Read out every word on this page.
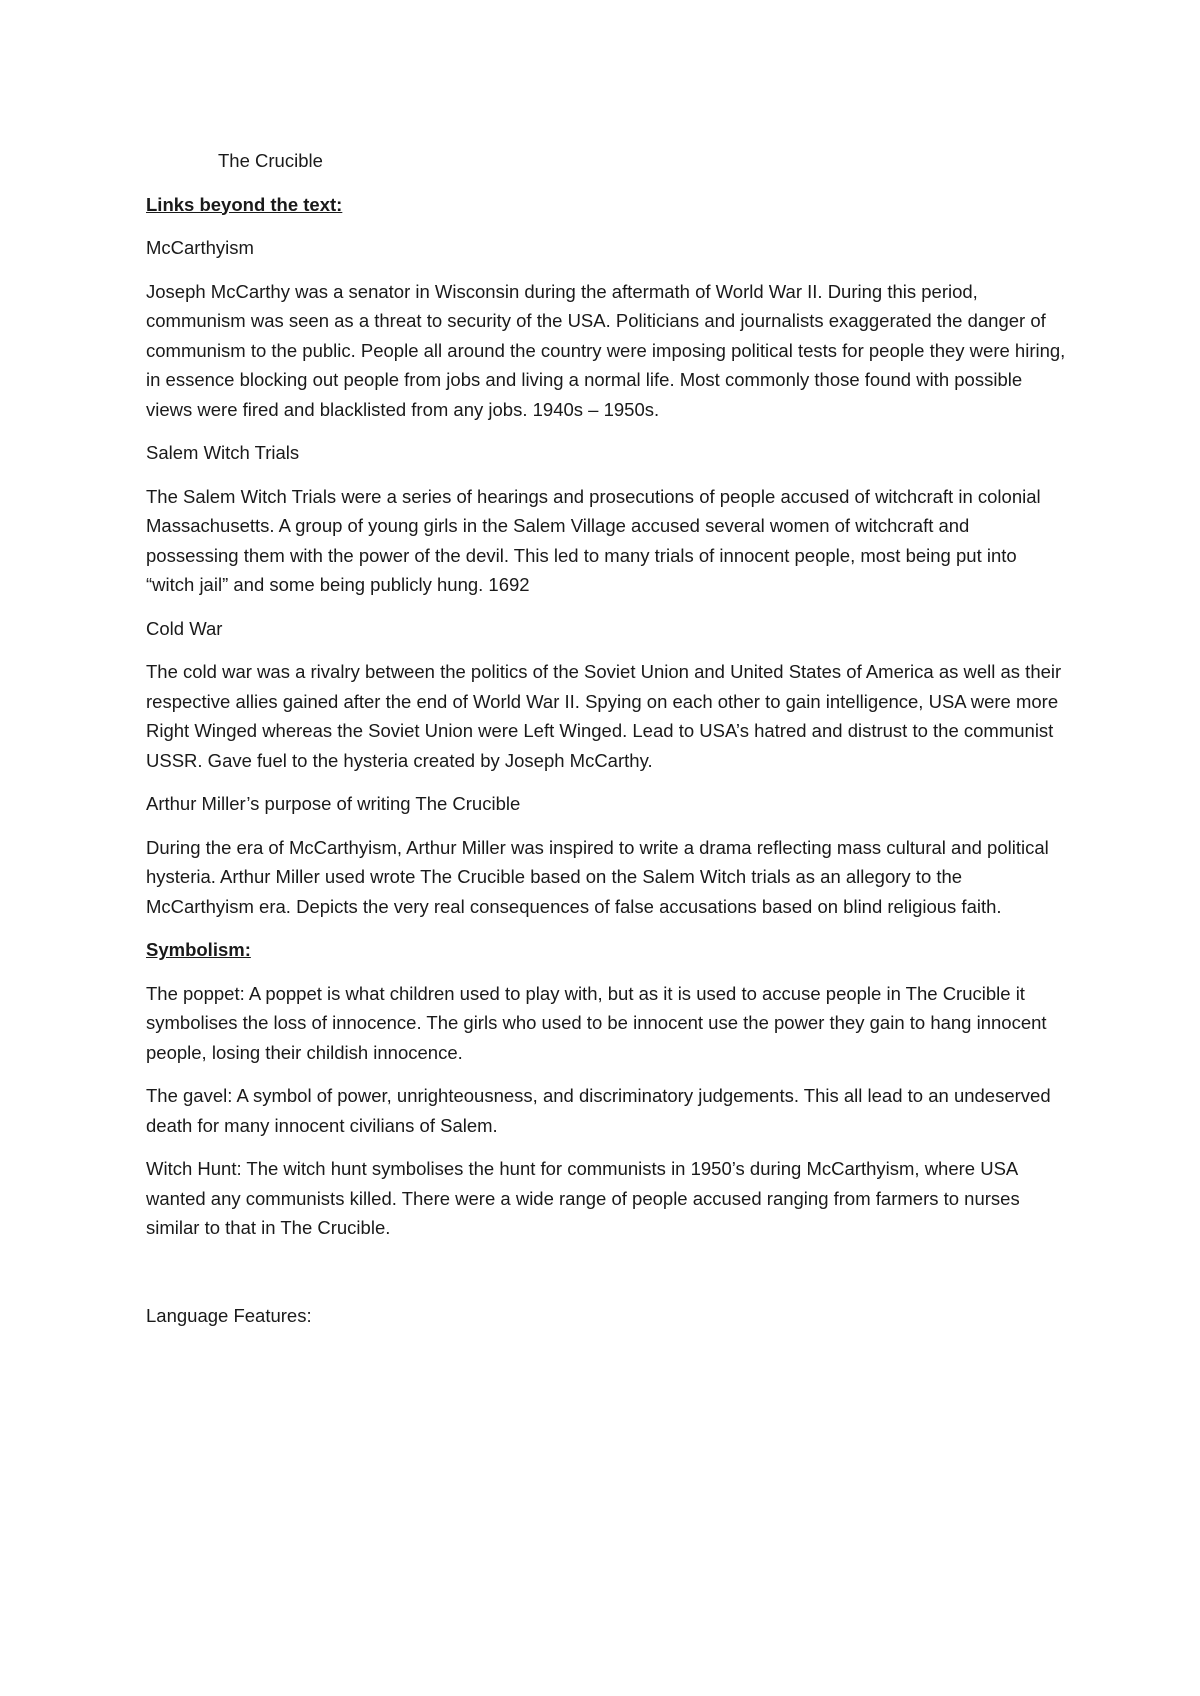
The Crucible

Links beyond the text:

McCarthyism

Joseph McCarthy was a senator in Wisconsin during the aftermath of World War II. During this period, communism was seen as a threat to security of the USA. Politicians and journalists exaggerated the danger of communism to the public. People all around the country were imposing political tests for people they were hiring, in essence blocking out people from jobs and living a normal life. Most commonly those found with possible views were fired and blacklisted from any jobs. 1940s – 1950s.

Salem Witch Trials

The Salem Witch Trials were a series of hearings and prosecutions of people accused of witchcraft in colonial Massachusetts. A group of young girls in the Salem Village accused several women of witchcraft and possessing them with the power of the devil. This led to many trials of innocent people, most being put into “witch jail” and some being publicly hung. 1692

Cold War

The cold war was a rivalry between the politics of the Soviet Union and United States of America as well as their respective allies gained after the end of World War II. Spying on each other to gain intelligence, USA were more Right Winged whereas the Soviet Union were Left Winged. Lead to USA’s hatred and distrust to the communist USSR. Gave fuel to the hysteria created by Joseph McCarthy.

Arthur Miller’s purpose of writing The Crucible

During the era of McCarthyism, Arthur Miller was inspired to write a drama reflecting mass cultural and political hysteria. Arthur Miller used wrote The Crucible based on the Salem Witch trials as an allegory to the McCarthyism era. Depicts the very real consequences of false accusations based on blind religious faith.

Symbolism:

The poppet: A poppet is what children used to play with, but as it is used to accuse people in The Crucible it symbolises the loss of innocence. The girls who used to be innocent use the power they gain to hang innocent people, losing their childish innocence.

The gavel: A symbol of power, unrighteousness, and discriminatory judgements. This all lead to an undeserved death for many innocent civilians of Salem.

Witch Hunt: The witch hunt symbolises the hunt for communists in 1950’s during McCarthyism, where USA wanted any communists killed. There were a wide range of people accused ranging from farmers to nurses similar to that in The Crucible.

Language Features:
